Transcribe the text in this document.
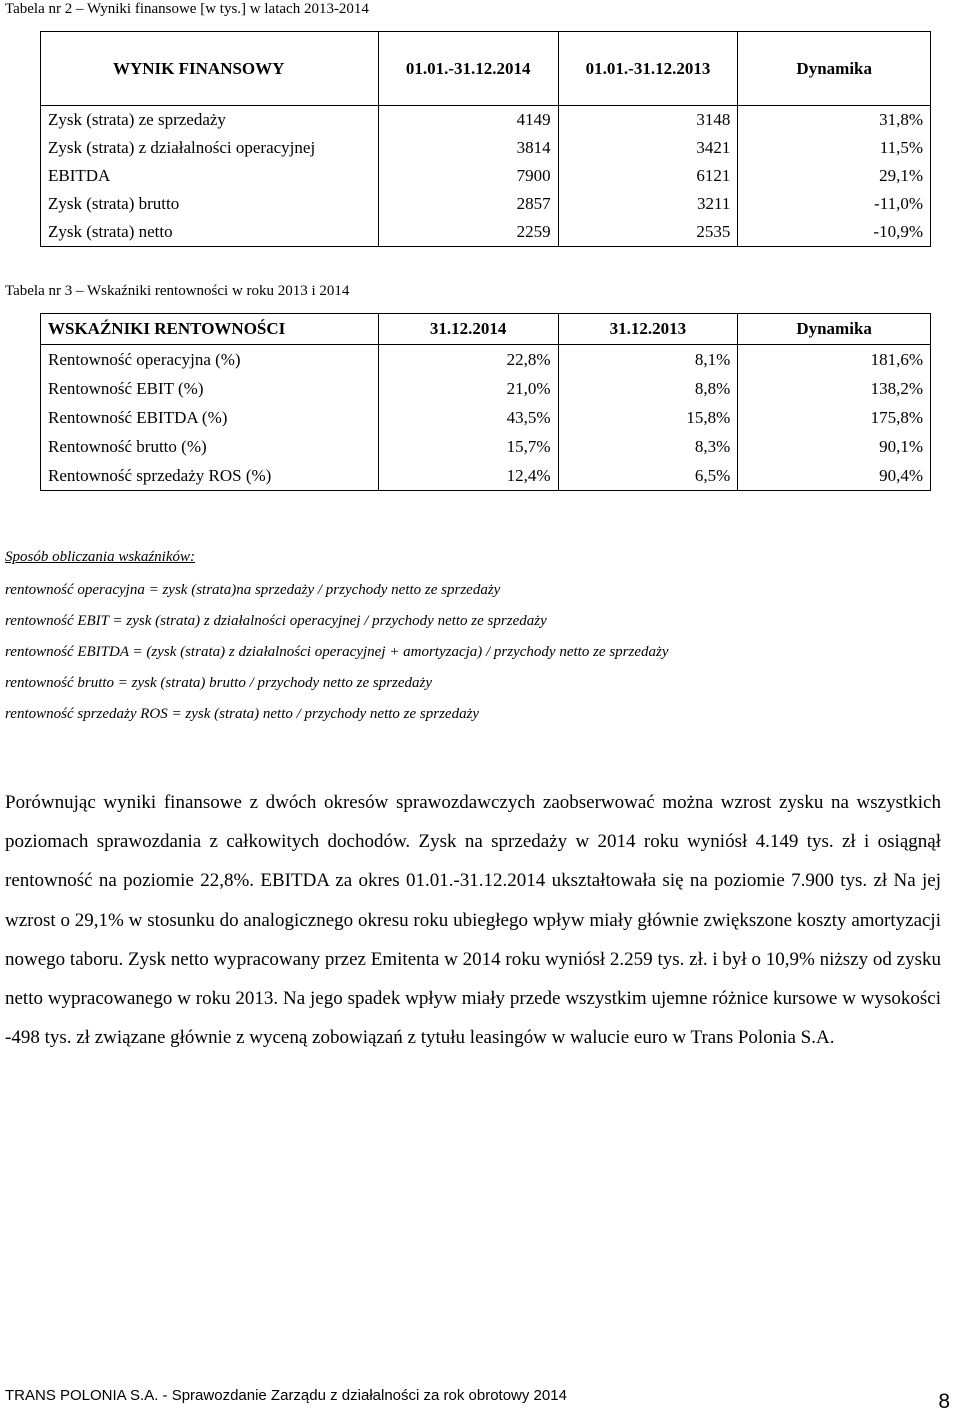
Tabela nr 2 – Wyniki finansowe [w tys.] w latach 2013-2014
WYNIK FINANSOWY	01.01.-31.12.2014	01.01.-31.12.2013	Dynamika
Zysk (strata) ze sprzedaży	4149	3148	31,8%
Zysk (strata) z działalności operacyjnej	3814	3421	11,5%
EBITDA	7900	6121	29,1%
Zysk (strata) brutto	2857	3211	-11,0%
Zysk (strata) netto	2259	2535	-10,9%
Tabela nr 3 – Wskaźniki rentowności w roku 2013 i 2014
WSKAŹNIKI RENTOWNOŚCI	31.12.2014	31.12.2013	Dynamika
Rentowność operacyjna (%)	22,8%	8,1%	181,6%
Rentowność EBIT (%)	21,0%	8,8%	138,2%
Rentowność EBITDA (%)	43,5%	15,8%	175,8%
Rentowność brutto (%)	15,7%	8,3%	90,1%
Rentowność sprzedaży ROS (%)	12,4%	6,5%	90,4%

Sposób obliczania wskaźników:

rentowność operacyjna = zysk (strata)na sprzedaży / przychody netto ze sprzedaży

rentowność EBIT = zysk (strata) z działalności operacyjnej / przychody netto ze sprzedaży

rentowność EBITDA = (zysk (strata) z działalności operacyjnej + amortyzacja) / przychody netto ze sprzedaży

rentowność brutto = zysk (strata) brutto / przychody netto ze sprzedaży

rentowność sprzedaży ROS = zysk (strata) netto / przychody netto ze sprzedaży

Porównując wyniki finansowe z dwóch okresów sprawozdawczych zaobserwować można wzrost zysku na wszystkich poziomach sprawozdania z całkowitych dochodów. Zysk na sprzedaży w 2014 roku wyniósł 4.149 tys. zł i osiągnął rentowność na poziomie 22,8%. EBITDA za okres 01.01.-31.12.2014 ukształtowała się na poziomie 7.900 tys. zł Na jej wzrost o 29,1% w stosunku do analogicznego okresu roku ubiegłego wpływ miały głównie zwiększone koszty amortyzacji nowego taboru. Zysk netto wypracowany przez Emitenta w 2014 roku wyniósł 2.259 tys. zł. i był o 10,9% niższy od zysku netto wypracowanego w roku 2013. Na jego spadek wpływ miały przede wszystkim ujemne różnice kursowe w wysokości -498 tys. zł związane głównie z wyceną zobowiązań z tytułu leasingów w walucie euro w Trans Polonia S.A.

TRANS POLONIA S.A. - Sprawozdanie Zarządu z działalności za rok obrotowy 2014	8
